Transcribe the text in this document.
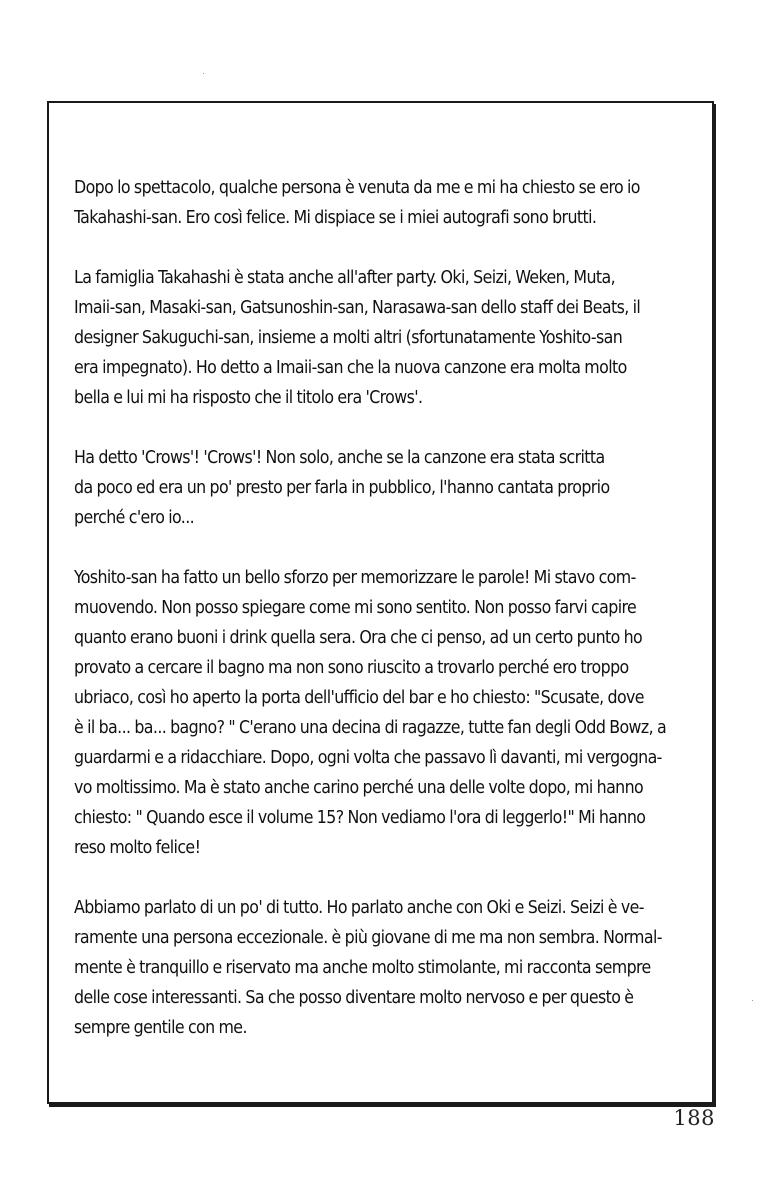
Dopo lo spettacolo, qualche persona è venuta da me e mi ha chiesto se ero io
Takahashi-san. Ero così felice. Mi dispiace se i miei autografi sono brutti.

La famiglia Takahashi è stata anche all'after party. Oki, Seizi, Weken, Muta,
Imaii-san, Masaki-san, Gatsunoshin-san, Narasawa-san dello staff dei Beats, il
designer Sakuguchi-san, insieme a molti altri (sfortunatamente Yoshito-san
era impegnato). Ho detto a Imaii-san che la nuova canzone era molta molto
bella e lui mi ha risposto che il titolo era 'Crows'.

Ha detto 'Crows'! 'Crows'! Non solo, anche se la canzone era stata scritta
da poco ed era un po' presto per farla in pubblico, l'hanno cantata proprio
perché c'ero io...

Yoshito-san ha fatto un bello sforzo per memorizzare le parole! Mi stavo com-
muovendo. Non posso spiegare come mi sono sentito. Non posso farvi capire
quanto erano buoni i drink quella sera. Ora che ci penso, ad un certo punto ho
provato a cercare il bagno ma non sono riuscito a trovarlo perché ero troppo
ubriaco, così ho aperto la porta dell'ufficio del bar e ho chiesto: "Scusate, dove
è il ba... ba... bagno? " C'erano una decina di ragazze, tutte fan degli Odd Bowz, a
guardarmi e a ridacchiare. Dopo, ogni volta che passavo lì davanti, mi vergogna-
vo moltissimo. Ma è stato anche carino perché una delle volte dopo, mi hanno
chiesto: " Quando esce il volume 15? Non vediamo l'ora di leggerlo!" Mi hanno
reso molto felice!

Abbiamo parlato di un po' di tutto. Ho parlato anche con Oki e Seizi. Seizi è ve-
ramente una persona eccezionale. è più giovane di me ma non sembra. Normal-
mente è tranquillo e riservato ma anche molto stimolante, mi racconta sempre
delle cose interessanti. Sa che posso diventare molto nervoso e per questo è
sempre gentile con me.

188
